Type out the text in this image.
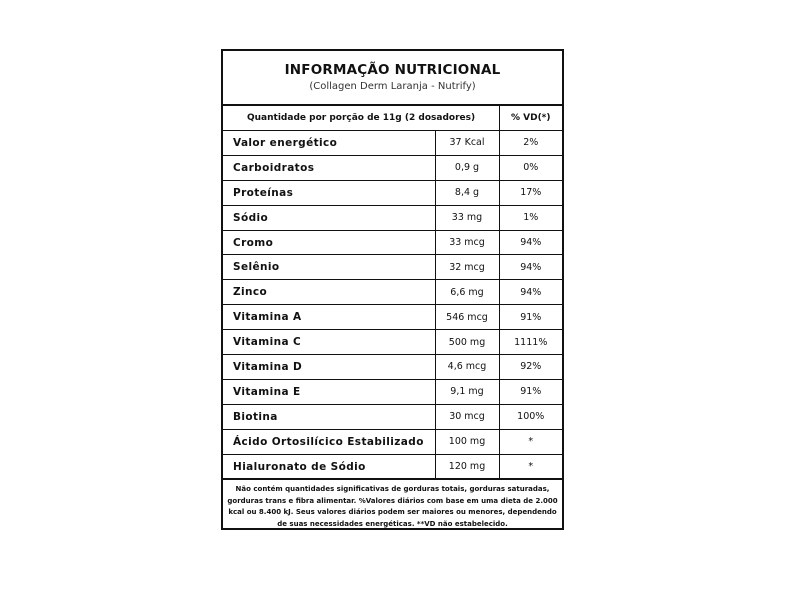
INFORMAÇÃO NUTRICIONAL
(Collagen Derm Laranja - Nutrify)
Quantidade por porção de 11g (2 dosadores)		% VD(*)
Valor energético	37 Kcal	2%
Carboidratos	0,9 g	0%
Proteínas	8,4 g	17%
Sódio	33 mg	1%
Cromo	33 mcg	94%
Selênio	32 mcg	94%
Zinco	6,6 mg	94%
Vitamina A	546 mcg	91%
Vitamina C	500 mg	1111%
Vitamina D	4,6 mcg	92%
Vitamina E	9,1 mg	91%
Biotina	30 mcg	100%
Ácido Ortosilícico Estabilizado	100 mg	*
Hialuronato de Sódio	120 mg	*
Não contém quantidades significativas de gorduras totais, gorduras saturadas, gorduras trans e fibra alimentar. %Valores diários com base em uma dieta de 2.000 kcal ou 8.400 kJ. Seus valores diários podem ser maiores ou menores, dependendo de suas necessidades energéticas. **VD não estabelecido.
